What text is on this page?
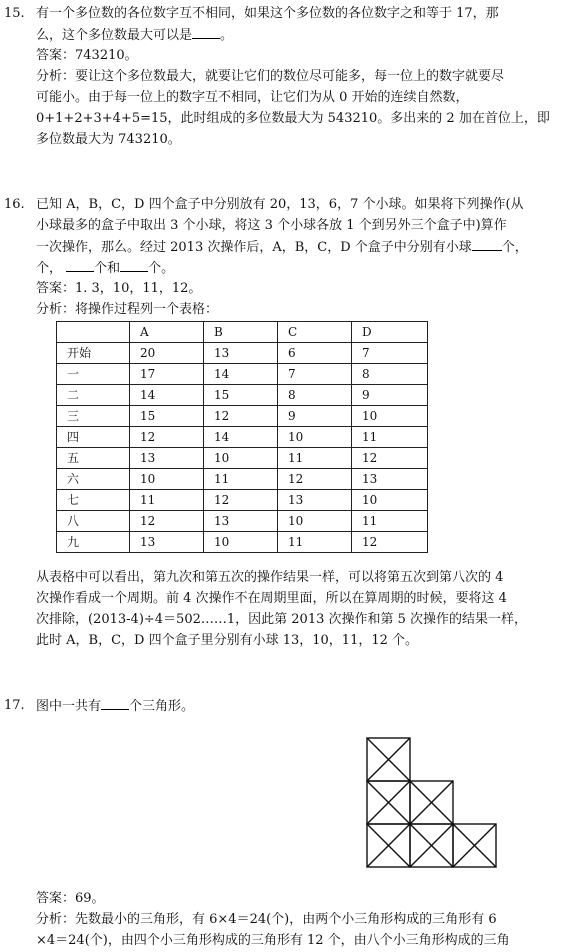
15. 有一个多位数的各位数字互不相同，如果这个多位数的各位数字之和等于 17，那
么，这个多位数最大可以是 。
答案：743210。
分析：要让这个多位数最大，就要让它们的数位尽可能多，每一位上的数字就要尽
可能小。由于每一位上的数字互不相同，让它们为从 0 开始的连续自然数，
0+1+2+3+4+5=15，此时组成的多位数最大为 543210。多出来的 2 加在首位上，即
多位数最大为 743210。
16. 已知 A，B，C，D 四个盒子中分别放有 20，13，6，7 个小球。如果将下列操作(从
小球最多的盒子中取出 3 个小球，将这 3 个小球各放 1 个到另外三个盒子中)算作
一次操作，那么。经过 2013 次操作后，A，B，C，D 个盒子中分别有小球 个，
个， 个和 个。
答案：1. 3，10，11，12。
分析：将操作过程列一个表格：
	A	B	C	D
开始	20	13	6	7
一	17	14	7	8
二	14	15	8	9
三	15	12	9	10
四	12	14	10	11
五	13	10	11	12
六	10	11	12	13
七	11	12	13	10
八	12	13	10	11
九	13	10	11	12
从表格中可以看出，第九次和第五次的操作结果一样，可以将第五次到第八次的 4
次操作看成一个周期。前 4 次操作不在周期里面，所以在算周期的时候，要将这 4
次排除，(2013-4)÷4＝502……1，因此第 2013 次操作和第 5 次操作的结果一样，
此时 A，B，C，D 四个盒子里分别有小球 13，10，11，12 个。
17. 图中一共有 个三角形。
答案：69。
分析：先数最小的三角形，有 6×4＝24(个)，由两个小三角形构成的三角形有 6
×4＝24(个)，由四个小三角形构成的三角形有 12 个，由八个小三角形构成的三角
